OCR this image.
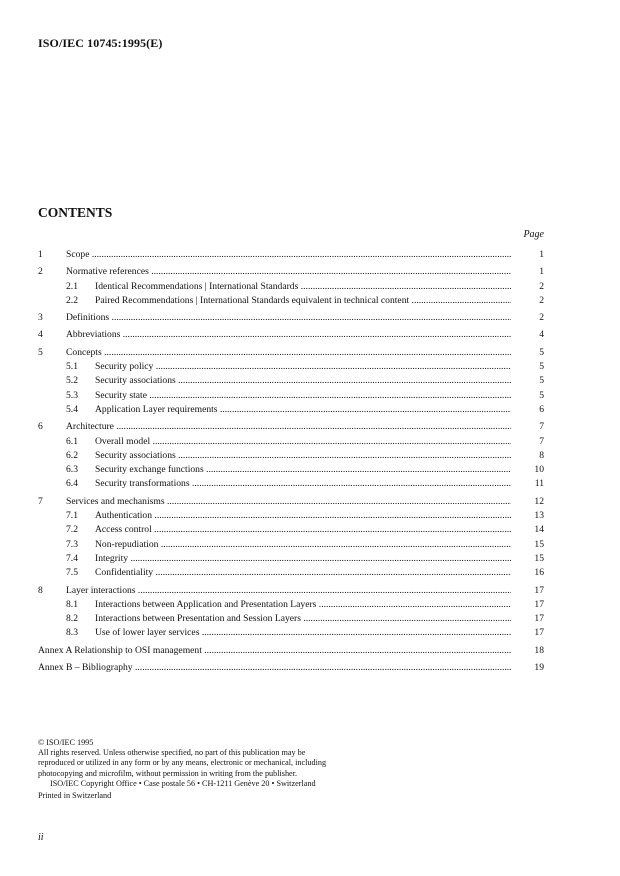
ISO/IEC 10745:1995(E)
CONTENTS
Page
1 Scope .....	1
2 Normative references .....	1
2.1 Identical Recommendations | International Standards .....	2
2.2 Paired Recommendations | International Standards equivalent in technical content .....	2
3 Definitions .....	2
4 Abbreviations .....	4
5 Concepts .....	5
5.1 Security policy .....	5
5.2 Security associations .....	5
5.3 Security state .....	5
5.4 Application Layer requirements .....	6
6 Architecture .....	7
6.1 Overall model .....	7
6.2 Security associations .....	8
6.3 Security exchange functions .....	10
6.4 Security transformations .....	11
7 Services and mechanisms .....	12
7.1 Authentication .....	13
7.2 Access control .....	14
7.3 Non-repudiation .....	15
7.4 Integrity .....	15
7.5 Confidentiality .....	16
8 Layer interactions .....	17
8.1 Interactions between Application and Presentation Layers .....	17
8.2 Interactions between Presentation and Session Layers .....	17
8.3 Use of lower layer services .....	17
Annex A Relationship to OSI management .....	18
Annex B – Bibliography .....	19
© ISO/IEC 1995
All rights reserved. Unless otherwise specified, no part of this publication may be
reproduced or utilized in any form or by any means, electronic or mechanical, including
photocopying and microfilm, without permission in writing from the publisher.
ISO/IEC Copyright Office • Case postale 56 • CH-1211 Genève 20 • Switzerland
Printed in Switzerland
ii
